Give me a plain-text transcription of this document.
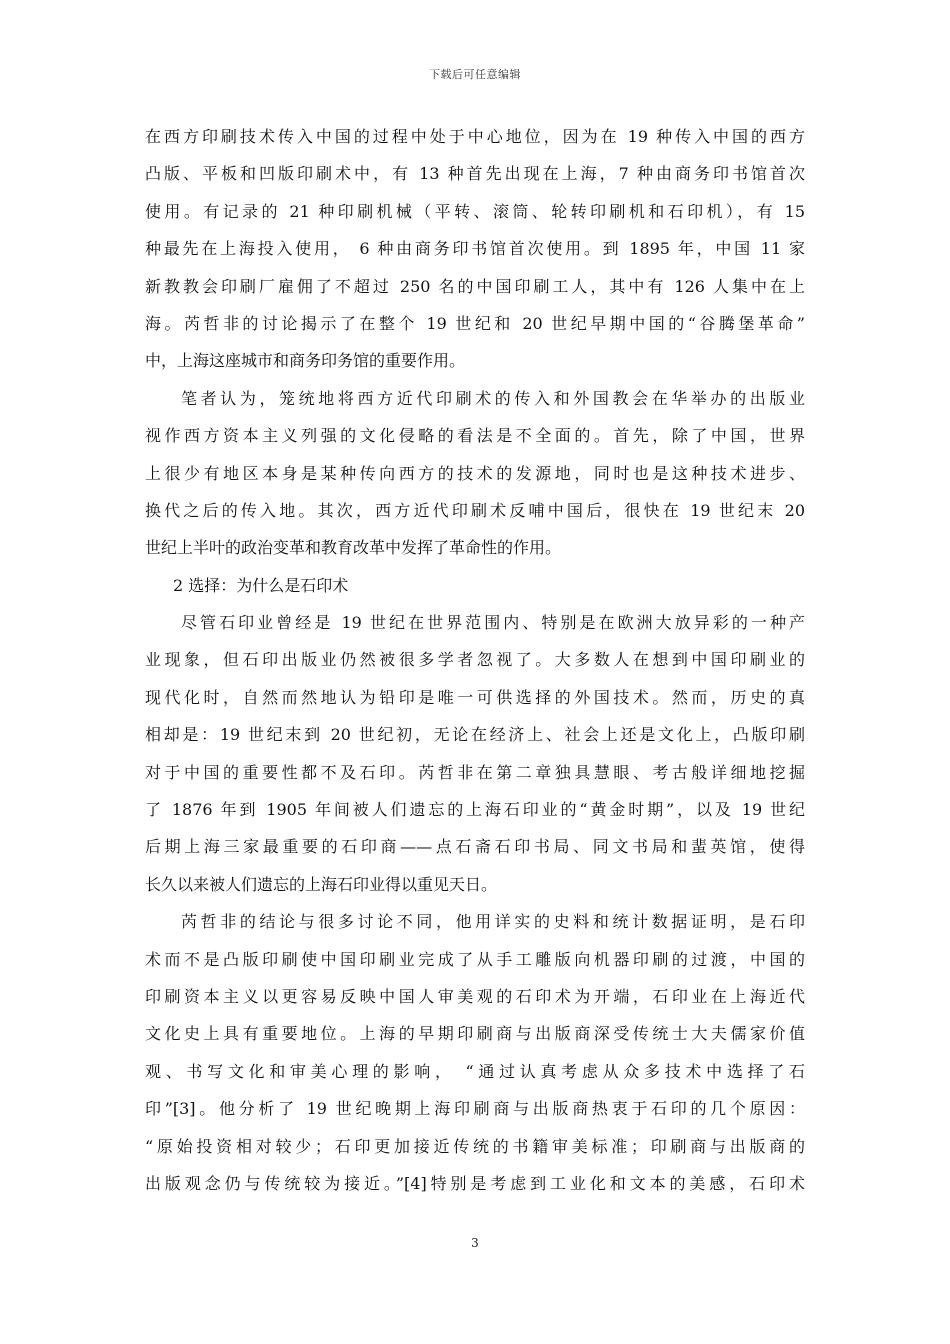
下载后可任意编辑
在西方印刷技术传入中国的过程中处于中心地位，因为在 19 种传入中国的西方
凸版、平板和凹版印刷术中，有 13 种首先出现在上海，7 种由商务印书馆首次
使用。有记录的 21 种印刷机械（平转、滚筒、轮转印刷机和石印机），有 15
种最先在上海投入使用， 6 种由商务印书馆首次使用。到 1895 年，中国 11 家
新教教会印刷厂雇佣了不超过 250 名的中国印刷工人，其中有 126 人集中在上
海。芮哲非的讨论揭示了在整个 19 世纪和 20 世纪早期中国的“谷腾堡革命”
中，上海这座城市和商务印务馆的重要作用。
笔者认为，笼统地将西方近代印刷术的传入和外国教会在华举办的出版业
视作西方资本主义列强的文化侵略的看法是不全面的。首先，除了中国，世界
上很少有地区本身是某种传向西方的技术的发源地，同时也是这种技术进步、
换代之后的传入地。其次，西方近代印刷术反哺中国后，很快在 19 世纪末 20
世纪上半叶的政治变革和教育改革中发挥了革命性的作用。
2 选择：为什么是石印术
尽管石印业曾经是 19 世纪在世界范围内、特别是在欧洲大放异彩的一种产
业现象，但石印出版业仍然被很多学者忽视了。大多数人在想到中国印刷业的
现代化时，自然而然地认为铅印是唯一可供选择的外国技术。然而，历史的真
相却是：19 世纪末到 20 世纪初，无论在经济上、社会上还是文化上，凸版印刷
对于中国的重要性都不及石印。芮哲非在第二章独具慧眼、考古般详细地挖掘
了 1876 年到 1905 年间被人们遗忘的上海石印业的“黄金时期”，以及 19 世纪
后期上海三家最重要的石印商——点石斋石印书局、同文书局和蜚英馆，使得
长久以来被人们遗忘的上海石印业得以重见天日。
芮哲非的结论与很多讨论不同，他用详实的史料和统计数据证明，是石印
术而不是凸版印刷使中国印刷业完成了从手工雕版向机器印刷的过渡，中国的
印刷资本主义以更容易反映中国人审美观的石印术为开端，石印业在上海近代
文化史上具有重要地位。上海的早期印刷商与出版商深受传统士大夫儒家价值
观、书写文化和审美心理的影响， “通过认真考虑从众多技术中选择了石
印”[3]。他分析了 19 世纪晚期上海印刷商与出版商热衷于石印的几个原因：
“原始投资相对较少；石印更加接近传统的书籍审美标准；印刷商与出版商的
出版观念仍与传统较为接近。”[4]特别是考虑到工业化和文本的美感，石印术
3
